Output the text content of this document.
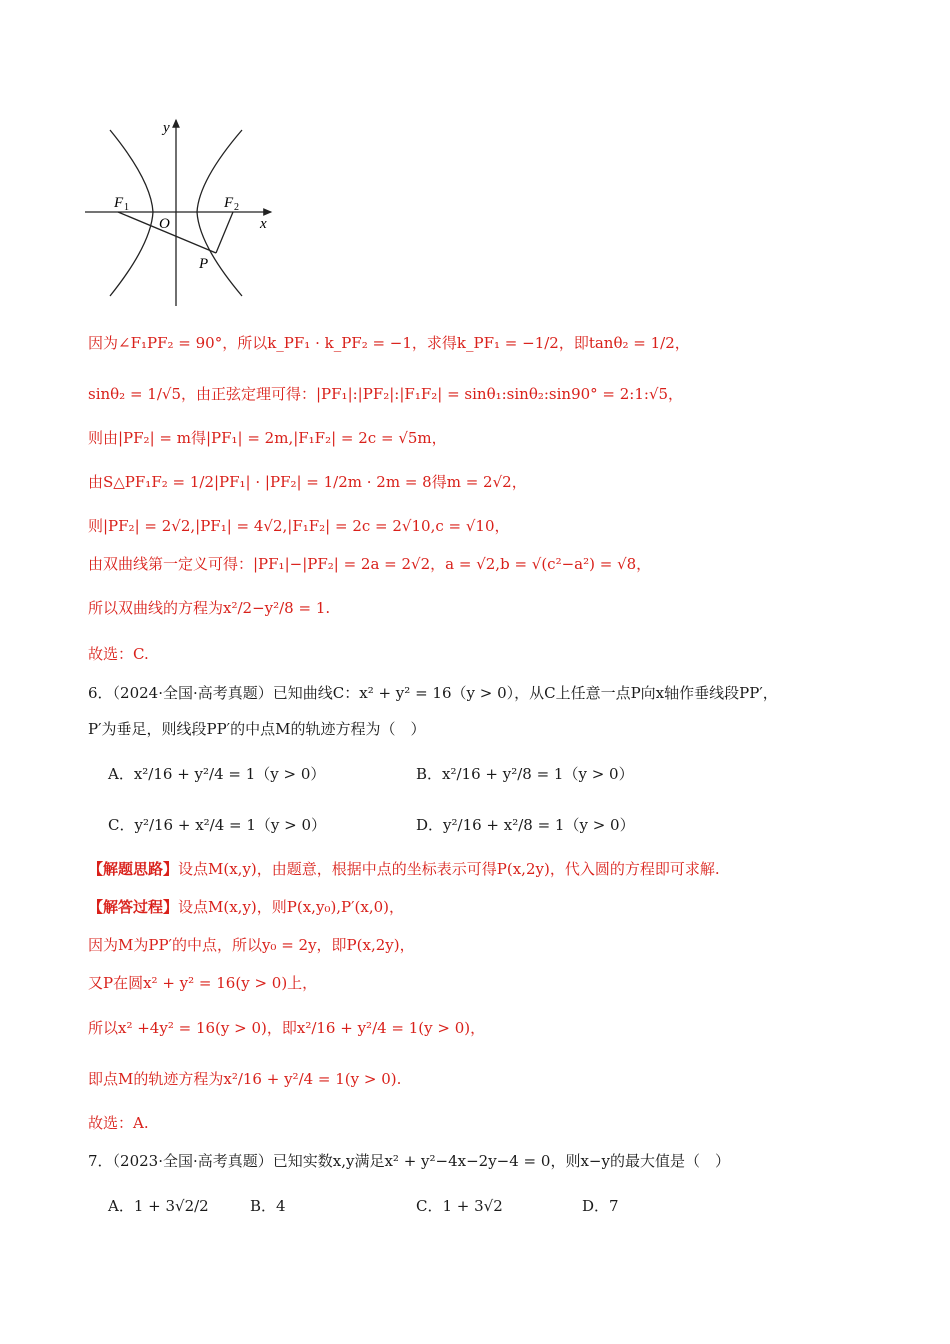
y
x
F 1	F 2
O
P
因为∠F₁PF₂ = 90°，所以k_PF₁ · k_PF₂ = −1，求得k_PF₁ = −1/2，即tanθ₂ = 1/2，
sinθ₂ = 1/√5，由正弦定理可得：|PF₁|:|PF₂|:|F₁F₂| = sinθ₁:sinθ₂:sin90° = 2:1:√5，
则由|PF₂| = m得|PF₁| = 2m,|F₁F₂| = 2c = √5m，
由S△PF₁F₂ = 1/2|PF₁| · |PF₂| = 1/2m · 2m = 8得m = 2√2，
则|PF₂| = 2√2,|PF₁| = 4√2,|F₁F₂| = 2c = 2√10,c = √10，
由双曲线第一定义可得：|PF₁|−|PF₂| = 2a = 2√2，a = √2,b = √(c²−a²) = √8，
所以双曲线的方程为x²/2−y²/8 = 1.
故选：C.
6．（2024·全国·高考真题）已知曲线C：x² + y² = 16（y > 0），从C上任意一点P向x轴作垂线段PP′，
P′为垂足，则线段PP′的中点M的轨迹方程为（　）
A．x²/16 + y²/4 = 1（y > 0）	B．x²/16 + y²/8 = 1（y > 0）
C．y²/16 + x²/4 = 1（y > 0）	D．y²/16 + x²/8 = 1（y > 0）
【解题思路】设点M(x,y)，由题意，根据中点的坐标表示可得P(x,2y)，代入圆的方程即可求解.
【解答过程】设点M(x,y)，则P(x,y₀),P′(x,0)，
因为M为PP′的中点，所以y₀ = 2y，即P(x,2y)，
又P在圆x² + y² = 16(y > 0)上，
所以x² +4y² = 16(y > 0)，即x²/16 + y²/4 = 1(y > 0)，
即点M的轨迹方程为x²/16 + y²/4 = 1(y > 0).
故选：A.
7．（2023·全国·高考真题）已知实数x,y满足x² + y²−4x−2y−4 = 0，则x−y的最大值是（　）
A．1 + 3√2/2	B．4	C．1 + 3√2	D．7
